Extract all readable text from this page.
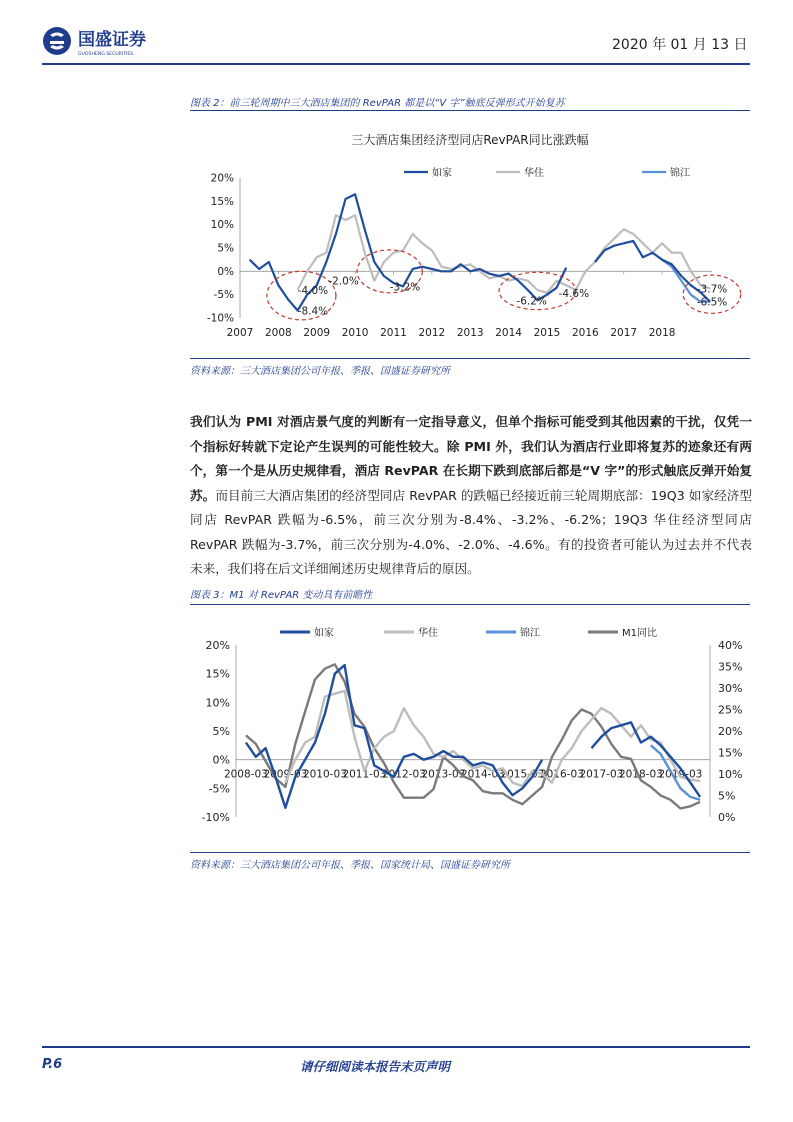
国盛证券
GUOSHENG SECURITIES
2020 年 01 月 13 日
图表 2：前三轮周期中三大酒店集团的 RevPAR 都是以“V 字”触底反弹形式开始复苏
三大酒店集团经济型同店RevPAR同比涨跌幅
如家	华住	锦江
20%
15%
10%
5%
0%
-5%
-10%
2007 2008 2009 2010 2011 2012 2013 2014 2015 2016 2017 2018
-4.0%
-8.4%
-2.0%	-3.2%
-6.2%
-4.6%	-3.7%
-6.5%
资料来源：三大酒店集团公司年报、季报、国盛证券研究所
我们认为 PMI 对酒店景气度的判断有一定指导意义，但单个指标可能受到其他因素的干扰，仅凭一个指标好转就下定论产生误判的可能性较大。除 PMI 外，我们认为酒店行业即将复苏的迹象还有两个，第一个是从历史规律看，酒店 RevPAR 在长期下跌到底部后都是“V 字”的形式触底反弹开始复苏。而目前三大酒店集团的经济型同店 RevPAR 的跌幅已经接近前三轮周期底部：19Q3 如家经济型同店 RevPAR 跌幅为-6.5%，前三次分别为-8.4%、-3.2%、-6.2%；19Q3 华住经济型同店 RevPAR 跌幅为-3.7%，前三次分别为-4.0%、-2.0%、-4.6%。有的投资者可能认为过去并不代表未来，我们将在后文详细阐述历史规律背后的原因。
图表 3：M1 对 RevPAR 变动具有前瞻性
如家	华住	锦江	M1同比
20%
15%
10%
5%
0%
-5%
-10%
40%
35%
30%
25%
20%
15%
10%
5%
0%
2008-03
2009-03
2010-03
2011-03
2012-03
2013-03
2014-03
2015-03
2016-03
2017-03
2018-03
2019-03
资料来源：三大酒店集团公司年报、季报、国家统计局、国盛证券研究所
P.6	请仔细阅读本报告末页声明
